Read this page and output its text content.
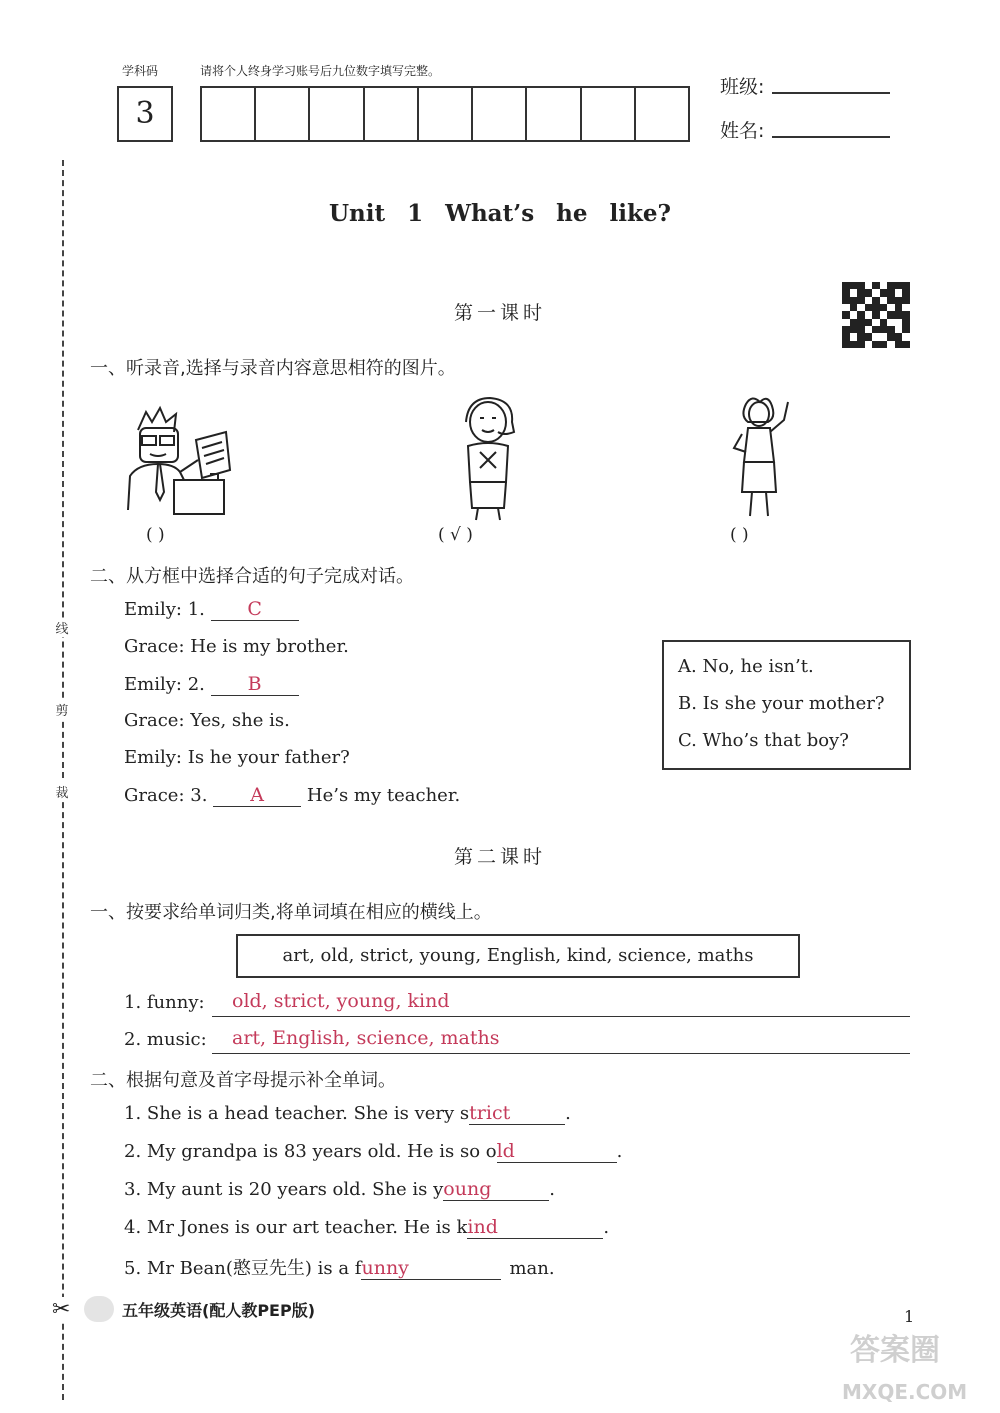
线
剪
裁
✂
学科码	请将个人终身学习账号后九位数字填写完整。
3
班级:
姓名:
Unit 1 What’s he like?
第一课时
一、听录音,选择与录音内容意思相符的图片。
( )	( √ )	( )
二、从方框中选择合适的句子完成对话。
Emily: 1. C
Grace: He is my brother.
Emily: 2. B
Grace: Yes, she is.
Emily: Is he your father?
Grace: 3. A He’s my teacher.
A. No, he isn’t.
B. Is she your mother?
C. Who’s that boy?
第二课时
一、按要求给单词归类,将单词填在相应的横线上。
art, old, strict, young, English, kind, science, maths
1. funny:	old, strict, young, kind
2. music:	art, English, science, maths
二、根据句意及首字母提示补全单词。
1. She is a head teacher. She is very strict	.
2. My grandpa is 83 years old. He is so old	.
3. My aunt is 20 years old. She is young	.
4. Mr Jones is our art teacher. He is kind	.
5. Mr Bean(憨豆先生) is a funny	man.
五年级英语(配人教PEP版)	1
答案圈
MXQE.COM
